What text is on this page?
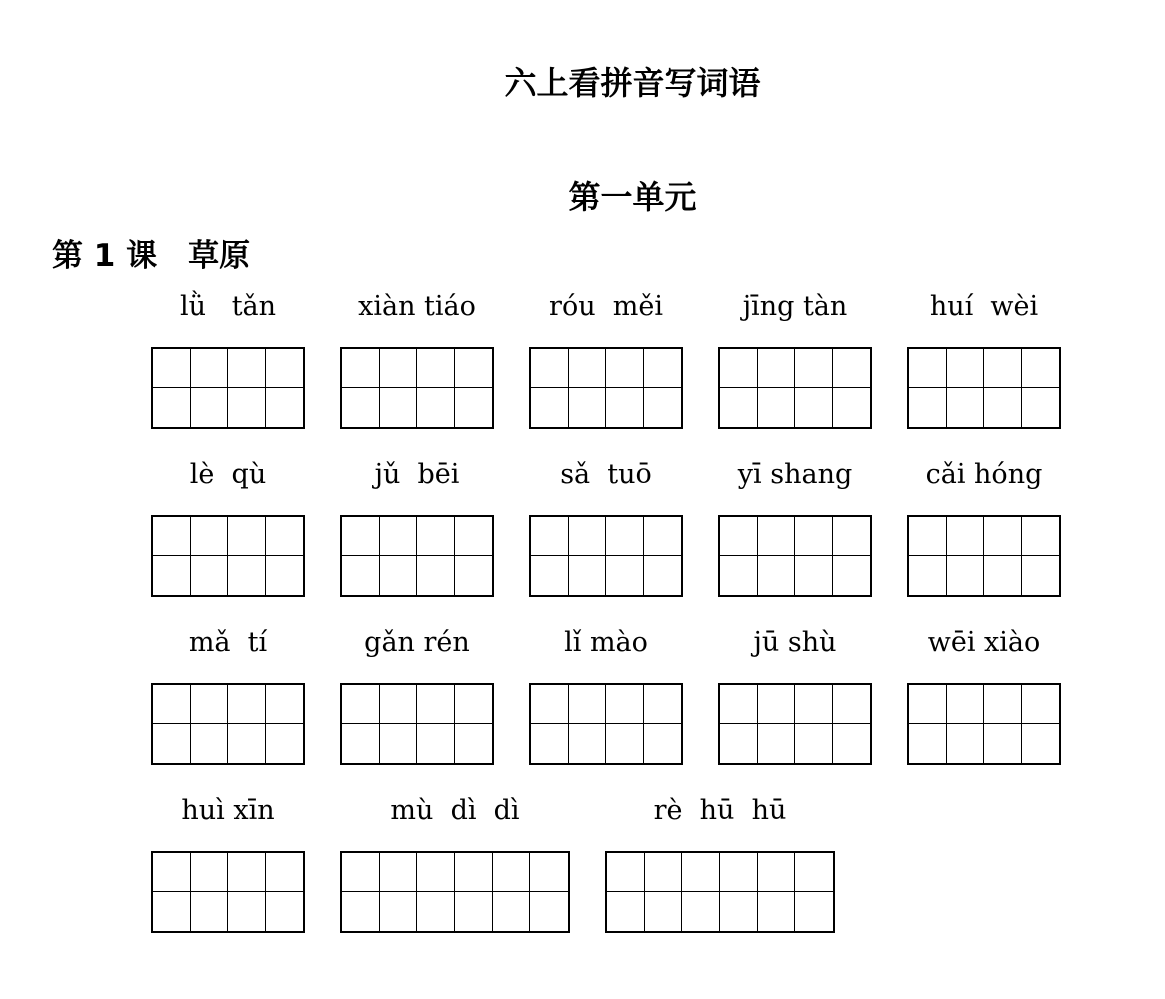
六上看拼音写词语
第一单元
第 1 课　草原
lǜ   tǎn	xiàn tiáo	róu  měi	jīng tàn	huí  wèi
lè  qù	jǔ  bēi	sǎ  tuō	yī shang	cǎi hóng
mǎ  tí	gǎn rén	lǐ mào	jū shù	wēi xiào
huì xīn	mù  dì  dì	rè  hū  hū
